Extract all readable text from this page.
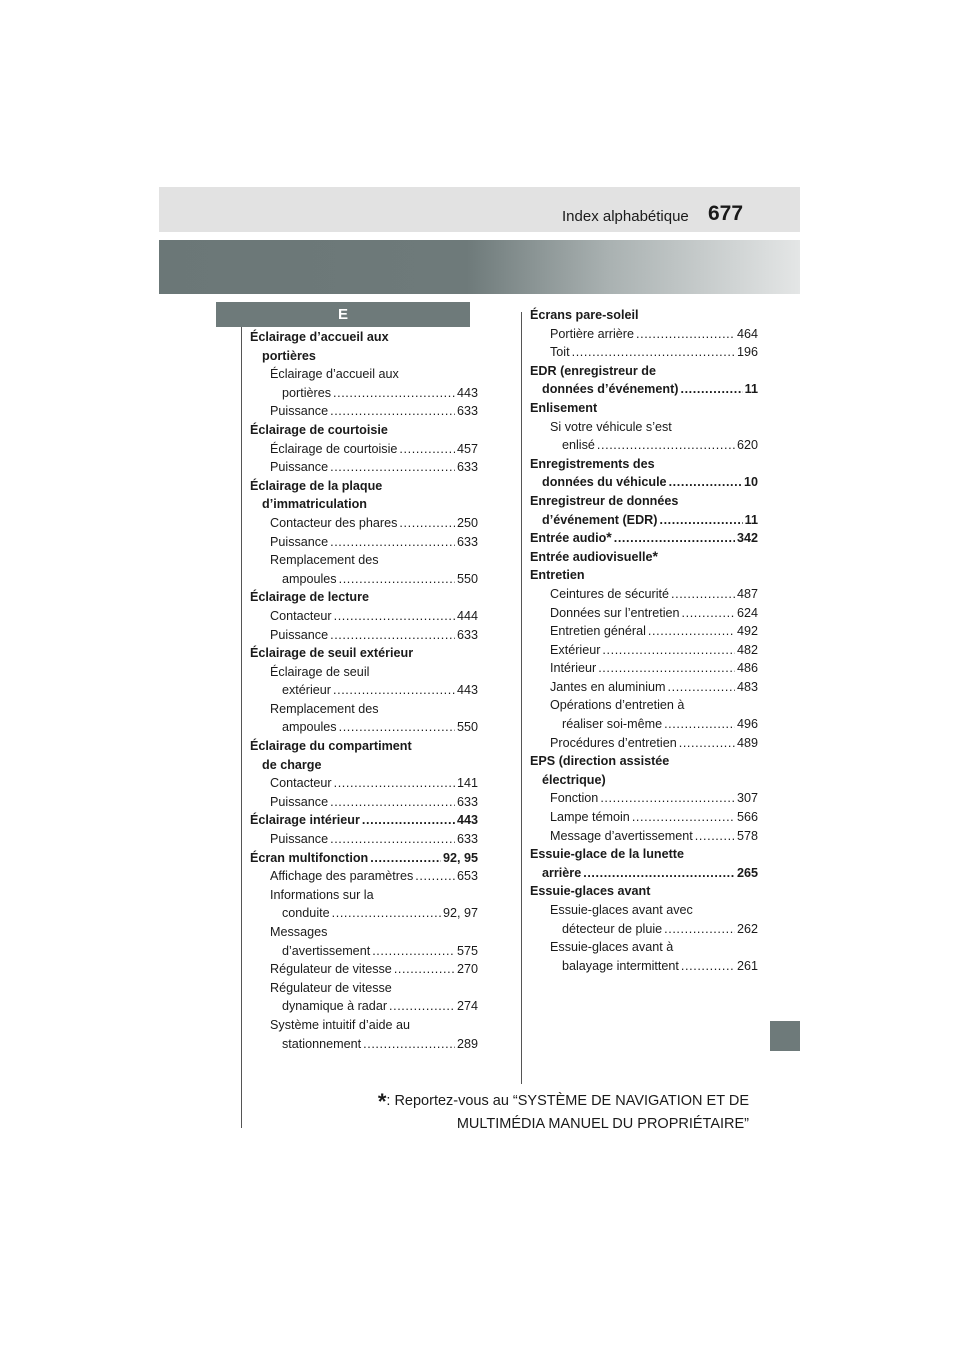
Index alphabétique 677
E
Éclairage d’accueil aux
portières
Éclairage d’accueil aux
portières .....	443
Puissance .....	633
Éclairage de courtoisie
Éclairage de courtoisie .....	457
Puissance .....	633
Éclairage de la plaque
d’immatriculation
Contacteur des phares .....	250
Puissance .....	633
Remplacement des
ampoules .....	550
Éclairage de lecture
Contacteur .....	444
Puissance .....	633
Éclairage de seuil extérieur
Éclairage de seuil
extérieur .....	443
Remplacement des
ampoules .....	550
Éclairage du compartiment
de charge
Contacteur .....	141
Puissance .....	633
Éclairage intérieur .....	443
Puissance .....	633
Écran multifonction .....	92, 95
Affichage des paramètres .....	653
Informations sur la
conduite .....	92, 97
Messages
d’avertissement .....	575
Régulateur de vitesse .....	270
Régulateur de vitesse
dynamique à radar .....	274
Système intuitif d’aide au
stationnement .....	289
Écrans pare-soleil
Portière arrière .....	464
Toit .....	196
EDR (enregistreur de
données d’événement) .....	11
Enlisement
Si votre véhicule s’est
enlisé .....	620
Enregistrements des
données du véhicule .....	10
Enregistreur de données
d’événement (EDR) .....	11
Entrée audio * .....	342
Entrée audiovisuelle *
Entretien
Ceintures de sécurité .....	487
Données sur l’entretien .....	624
Entretien général .....	492
Extérieur .....	482
Intérieur .....	486
Jantes en aluminium .....	483
Opérations d’entretien à
réaliser soi-même .....	496
Procédures d’entretien .....	489
EPS (direction assistée
électrique)
Fonction .....	307
Lampe témoin .....	566
Message d’avertissement .....	578
Essuie-glace de la lunette
arrière .....	265
Essuie-glaces avant
Essuie-glaces avant avec
détecteur de pluie .....	262
Essuie-glaces avant à
balayage intermittent .....	261
*: Reportez-vous au “SYSTÈME DE NAVIGATION ET DE
MULTIMÉDIA MANUEL DU PROPRIÉTAIRE”
